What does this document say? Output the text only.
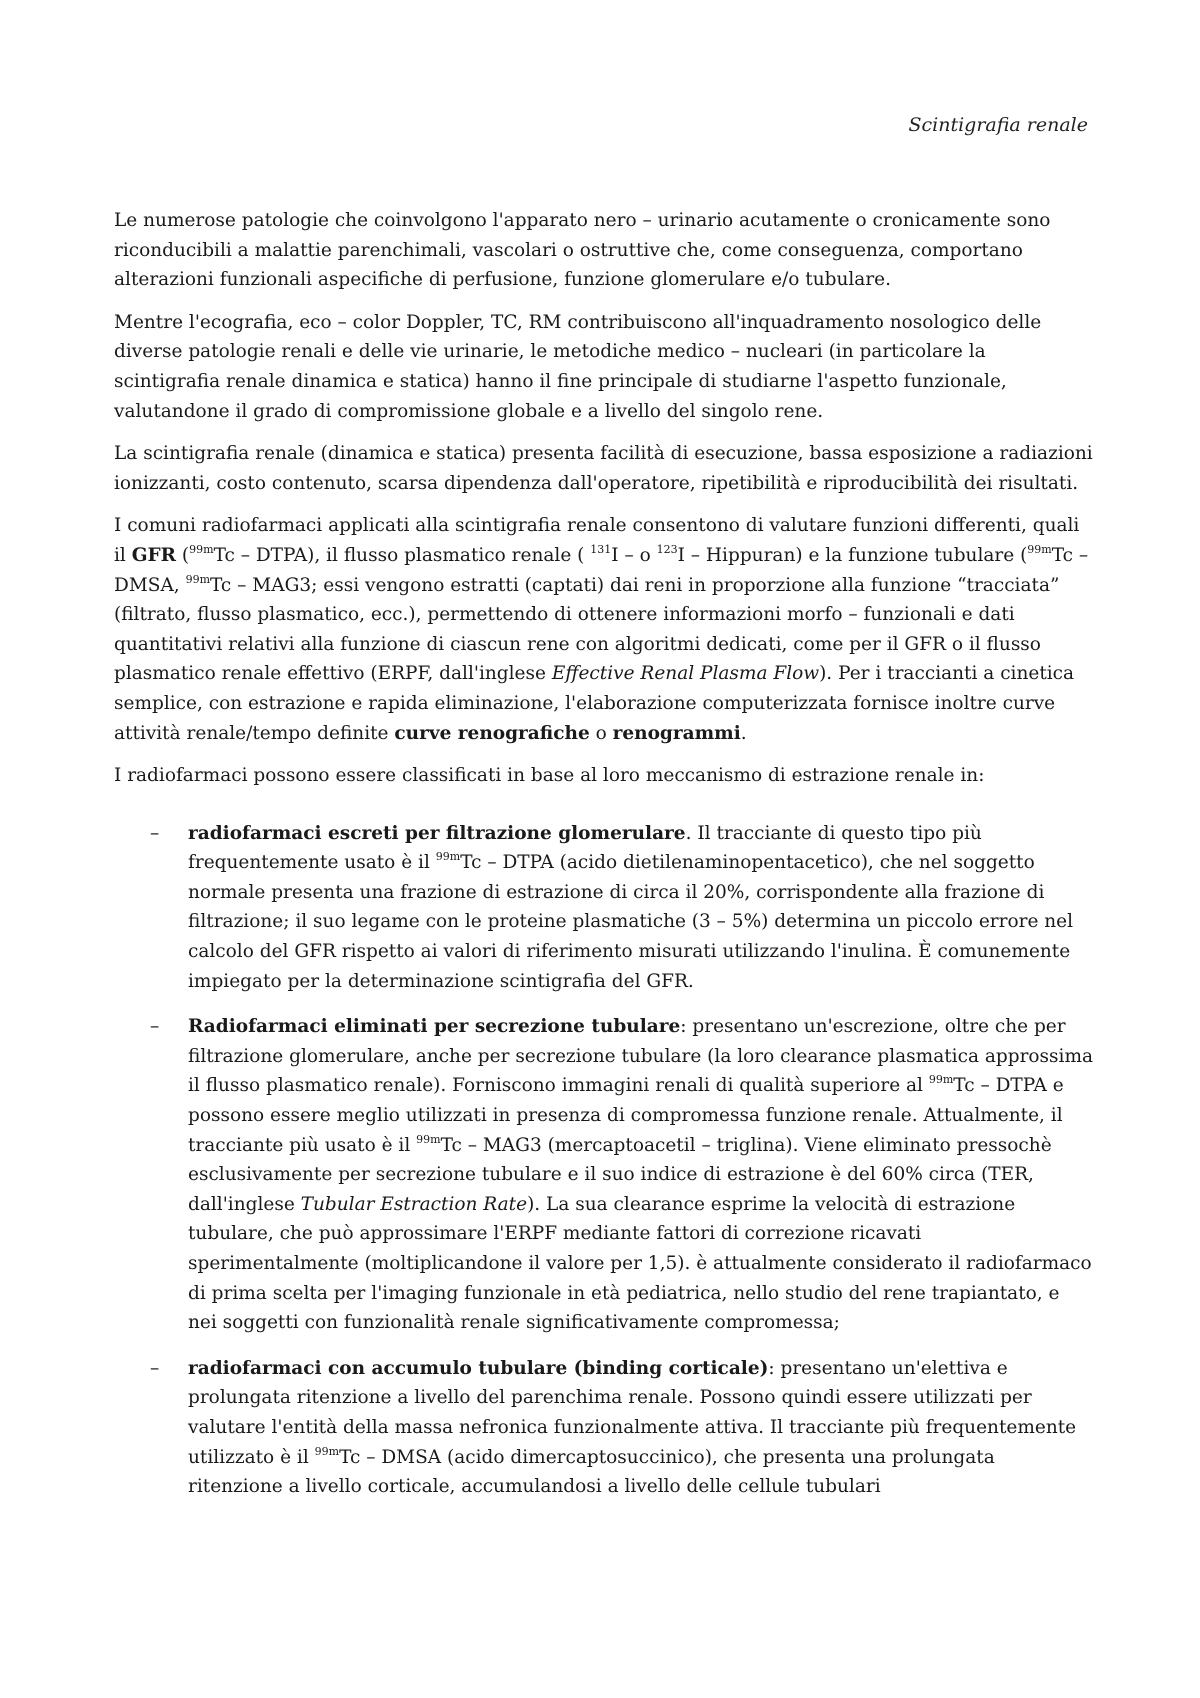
Scintigrafia renale

Le numerose patologie che coinvolgono l'apparato nero – urinario acutamente o cronicamente sono riconducibili a malattie parenchimali, vascolari o ostruttive che, come conseguenza, comportano alterazioni funzionali aspecifiche di perfusione, funzione glomerulare e/o tubulare.

Mentre l'ecografia, eco – color Doppler, TC, RM contribuiscono all'inquadramento nosologico delle diverse patologie renali e delle vie urinarie, le metodiche medico – nucleari (in particolare la scintigrafia renale dinamica e statica) hanno il fine principale di studiarne l'aspetto funzionale, valutandone il grado di compromissione globale e a livello del singolo rene.

La scintigrafia renale (dinamica e statica) presenta facilità di esecuzione, bassa esposizione a radiazioni ionizzanti, costo contenuto, scarsa dipendenza dall'operatore, ripetibilità e riproducibilità dei risultati.

I comuni radiofarmaci applicati alla scintigrafia renale consentono di valutare funzioni differenti, quali il GFR ($^{99m}$Tc – DTPA), il flusso plasmatico renale ( $^{131}$I – o $^{123}$I – Hippuran) e la funzione tubulare ($^{99m}$Tc – DMSA, $^{99m}$Tc – MAG3; essi vengono estratti (captati) dai reni in proporzione alla funzione “tracciata” (filtrato, flusso plasmatico, ecc.), permettendo di ottenere informazioni morfo – funzionali e dati quantitativi relativi alla funzione di ciascun rene con algoritmi dedicati, come per il GFR o il flusso plasmatico renale effettivo (ERPF, dall'inglese Effective Renal Plasma Flow). Per i traccianti a cinetica semplice, con estrazione e rapida eliminazione, l'elaborazione computerizzata fornisce inoltre curve attività renale/tempo definite curve renografiche o renogrammi.

I radiofarmaci possono essere classificati in base al loro meccanismo di estrazione renale in:

– radiofarmaci escreti per filtrazione glomerulare. Il tracciante di questo tipo più frequentemente usato è il $^{99m}$Tc – DTPA (acido dietilenaminopentacetico), che nel soggetto normale presenta una frazione di estrazione di circa il 20%, corrispondente alla frazione di filtrazione; il suo legame con le proteine plasmatiche (3 – 5%) determina un piccolo errore nel calcolo del GFR rispetto ai valori di riferimento misurati utilizzando l'inulina. È comunemente impiegato per la determinazione scintigrafia del GFR.
– Radiofarmaci eliminati per secrezione tubulare: presentano un'escrezione, oltre che per filtrazione glomerulare, anche per secrezione tubulare (la loro clearance plasmatica approssima il flusso plasmatico renale). Forniscono immagini renali di qualità superiore al $^{99m}$Tc – DTPA e possono essere meglio utilizzati in presenza di compromessa funzione renale. Attualmente, il tracciante più usato è il $^{99m}$Tc – MAG3 (mercaptoacetil – triglina). Viene eliminato pressochè esclusivamente per secrezione tubulare e il suo indice di estrazione è del 60% circa (TER, dall'inglese Tubular Estraction Rate). La sua clearance esprime la velocità di estrazione tubulare, che può approssimare l'ERPF mediante fattori di correzione ricavati sperimentalmente (moltiplicandone il valore per 1,5). è attualmente considerato il radiofarmaco di prima scelta per l'imaging funzionale in età pediatrica, nello studio del rene trapiantato, e nei soggetti con funzionalità renale significativamente compromessa;
– radiofarmaci con accumulo tubulare (binding corticale): presentano un'elettiva e prolungata ritenzione a livello del parenchima renale. Possono quindi essere utilizzati per valutare l'entità della massa nefronica funzionalmente attiva. Il tracciante più frequentemente utilizzato è il $^{99m}$Tc – DMSA (acido dimercaptosuccinico), che presenta una prolungata ritenzione a livello corticale, accumulandosi a livello delle cellule tubulari
